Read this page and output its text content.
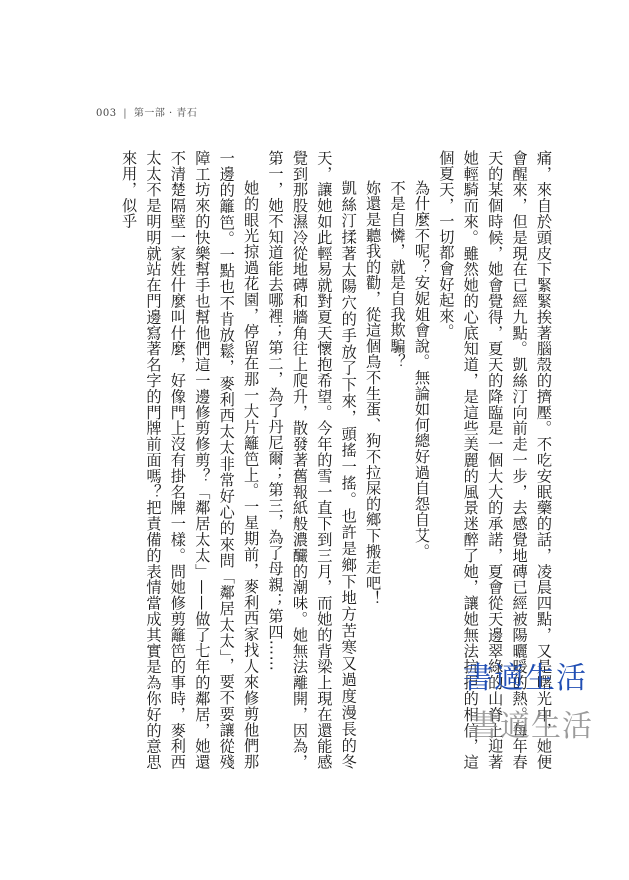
003 | 第一部 · 青石

痛，來自於頭皮下緊緊挨著腦殼的擠壓。不吃安眠藥的話，凌晨四點，又是曙光中，她便會醒來，但是現在已經九點。凱絲汀向前走一步，去感覺地磚已經被陽曬暖的熱。每年春天的某個時候，她會覺得，夏天的降臨是一個大大的承諾，夏會從天邊翠綠的山脊上迎著她輕騎而來。雖然她的心底知道，是這些美麗的風景迷醉了她，讓她無法抗拒的相信，這個夏天，一切都會好起來。

為什麼不呢？安妮姐會說。無論如何總好過自怨自艾。

不是自憐，就是自我欺騙？

妳還是聽我的勸，從這個鳥不生蛋、狗不拉屎的鄉下搬走吧！

凱絲汀揉著太陽穴的手放了下來，頭搖一搖。也許是鄉下地方苦寒又過度漫長的冬天，讓她如此輕易就對夏天懷抱希望。今年的雪一直下到三月，而她的背梁上現在還能感覺到那股濕冷從地磚和牆角往上爬升，散發著舊報紙般濃釅的潮味。她無法離開，因為，第一，她不知道能去哪裡；第二，為了丹尼爾；第三，為了母親；第四……

她的眼光掠過花園，停留在那一大片籬笆上。一星期前，麥利西家找人來修剪他們那一邊的籬笆。一點也不肯放鬆，麥利西太太非常好心的來問「鄰居太太」，要不要讓從殘障工坊來的快樂幫手也幫他們這一邊修剪修剪？「鄰居太太」——做了七年的鄰居，她還不清楚隔壁一家姓什麼叫什麼，好像門上沒有掛名牌一樣。問她修剪籬笆的事時，麥利西太太不是明明就站在門邊寫著名字的門牌前面嗎？把責備的表情當成其實是為你好的意思來用，似乎

書適生活
書適生活
